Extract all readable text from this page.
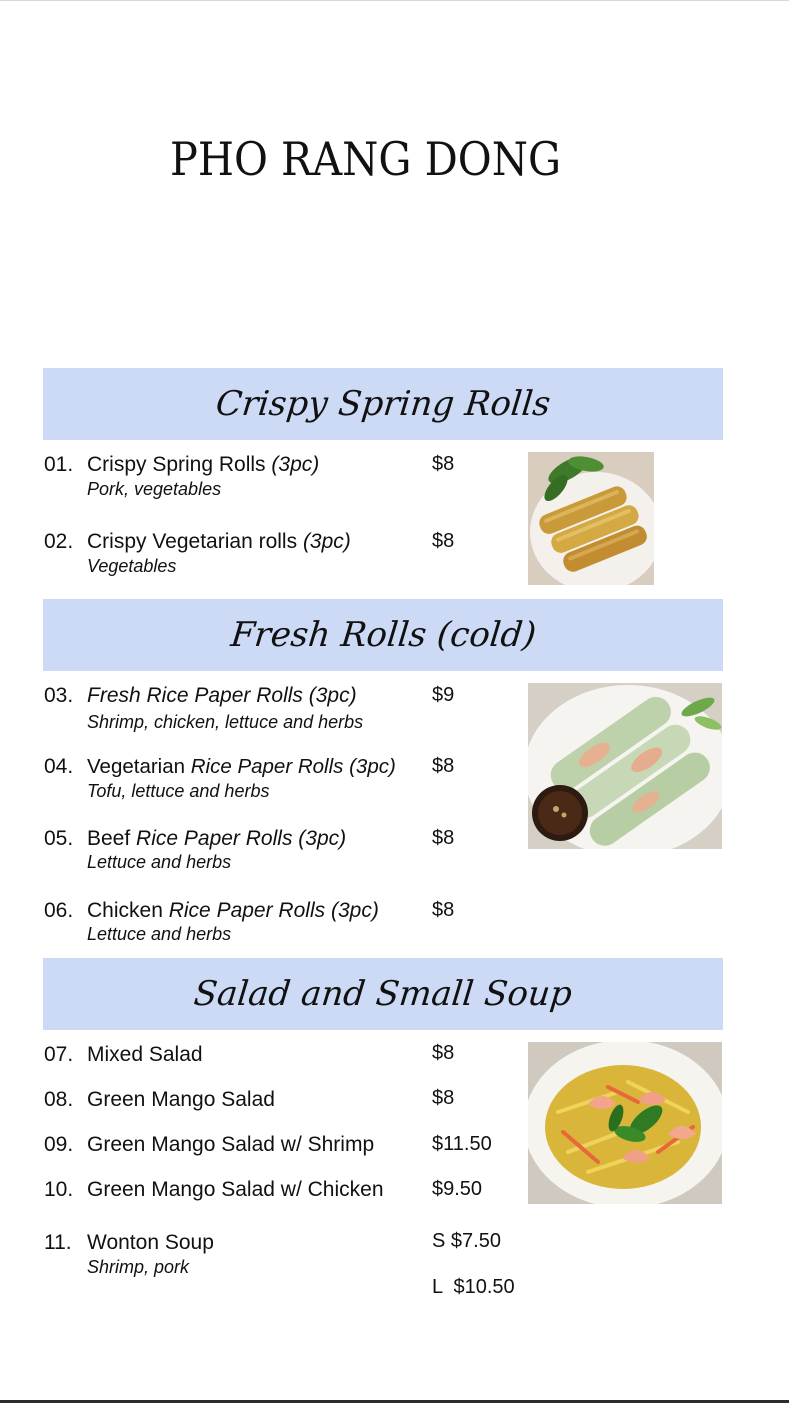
PHO RANG DONG
Crispy Spring Rolls
01. Crispy Spring Rolls (3pc)
Pork, vegetables
$8
02. Crispy Vegetarian rolls (3pc)
Vegetables
$8
Fresh Rolls (cold)
03. Fresh Rice Paper Rolls (3pc)
Shrimp, chicken, lettuce and herbs
$9
04. Vegetarian Rice Paper Rolls (3pc)
Tofu, lettuce and herbs
$8
05. Beef Rice Paper Rolls (3pc)
Lettuce and herbs
$8
06. Chicken Rice Paper Rolls (3pc)
Lettuce and herbs
$8
Salad and Small Soup
07. Mixed Salad	$8
08. Green Mango Salad	$8
09. Green Mango Salad w/ Shrimp	$11.50
10. Green Mango Salad w/ Chicken $9.50
11. Wonton Soup
Shrimp, pork
S $7.50
L  $10.50
